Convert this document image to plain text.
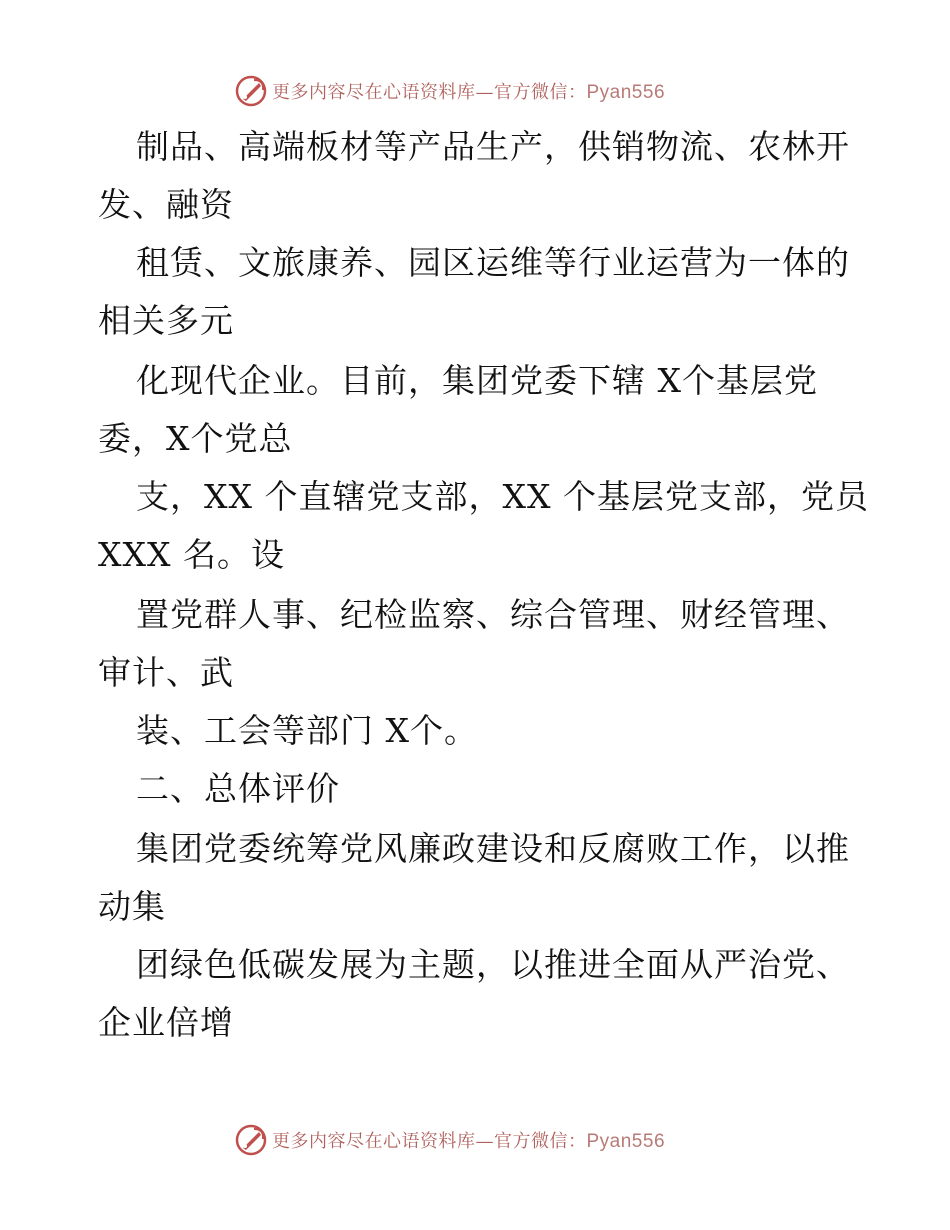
更多内容尽在心语资料库—官方微信：Pyan556
制品、高端板材等产品生产，供销物流、农林开
发、融资
租赁、文旅康养、园区运维等行业运营为一体的
相关多元
化现代企业。目前，集团党委下辖 X个基层党
委，X个党总
支，XX 个直辖党支部，XX 个基层党支部，党员
XXX 名。设
置党群人事、纪检监察、综合管理、财经管理、
审计、武
装、工会等部门 X个。
二、总体评价
集团党委统筹党风廉政建设和反腐败工作，以推
动集
团绿色低碳发展为主题，以推进全面从严治党、
企业倍增
更多内容尽在心语资料库—官方微信：Pyan556
